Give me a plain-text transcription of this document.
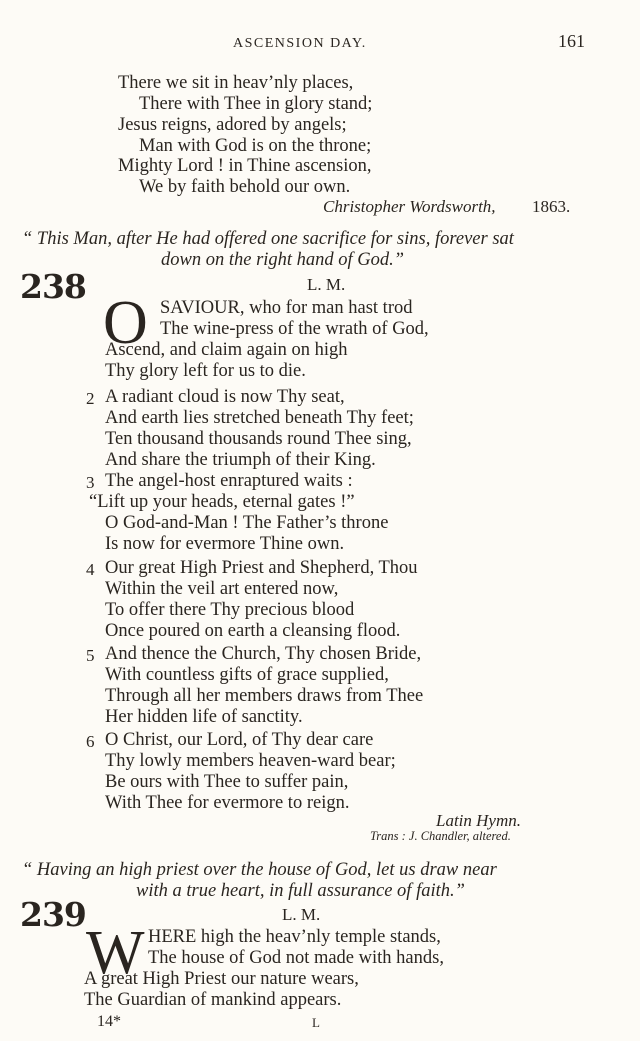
ASCENSION DAY.	161
There we sit in heav’nly places,
There with Thee in glory stand;
Jesus reigns, adored by angels;
Man with God is on the throne;
Mighty Lord ! in Thine ascension,
We by faith behold our own.
Christopher Wordsworth, 1863.
“ This Man, after He had offered one sacrifice for sins, forever sat
down on the right hand of God.”
238	L. M.
O SAVIOUR, who for man hast trod
The wine-press of the wrath of God,
Ascend, and claim again on high
Thy glory left for us to die.
2 A radiant cloud is now Thy seat,
And earth lies stretched beneath Thy feet;
Ten thousand thousands round Thee sing,
And share the triumph of their King.
3 The angel-host enraptured waits :
“Lift up your heads, eternal gates !”
O God-and-Man ! The Father’s throne
Is now for evermore Thine own.
4 Our great High Priest and Shepherd, Thou
Within the veil art entered now,
To offer there Thy precious blood
Once poured on earth a cleansing flood.
5 And thence the Church, Thy chosen Bride,
With countless gifts of grace supplied,
Through all her members draws from Thee
Her hidden life of sanctity.
6 O Christ, our Lord, of Thy dear care
Thy lowly members heaven-ward bear;
Be ours with Thee to suffer pain,
With Thee for evermore to reign.
Latin Hymn.
Trans : J. Chandler, altered.
“ Having an high priest over the house of God, let us draw near
with a true heart, in full assurance of faith.”
239	L. M.
W HERE high the heav’nly temple stands,
The house of God not made with hands,
A great High Priest our nature wears,
The Guardian of mankind appears.
14*	L
